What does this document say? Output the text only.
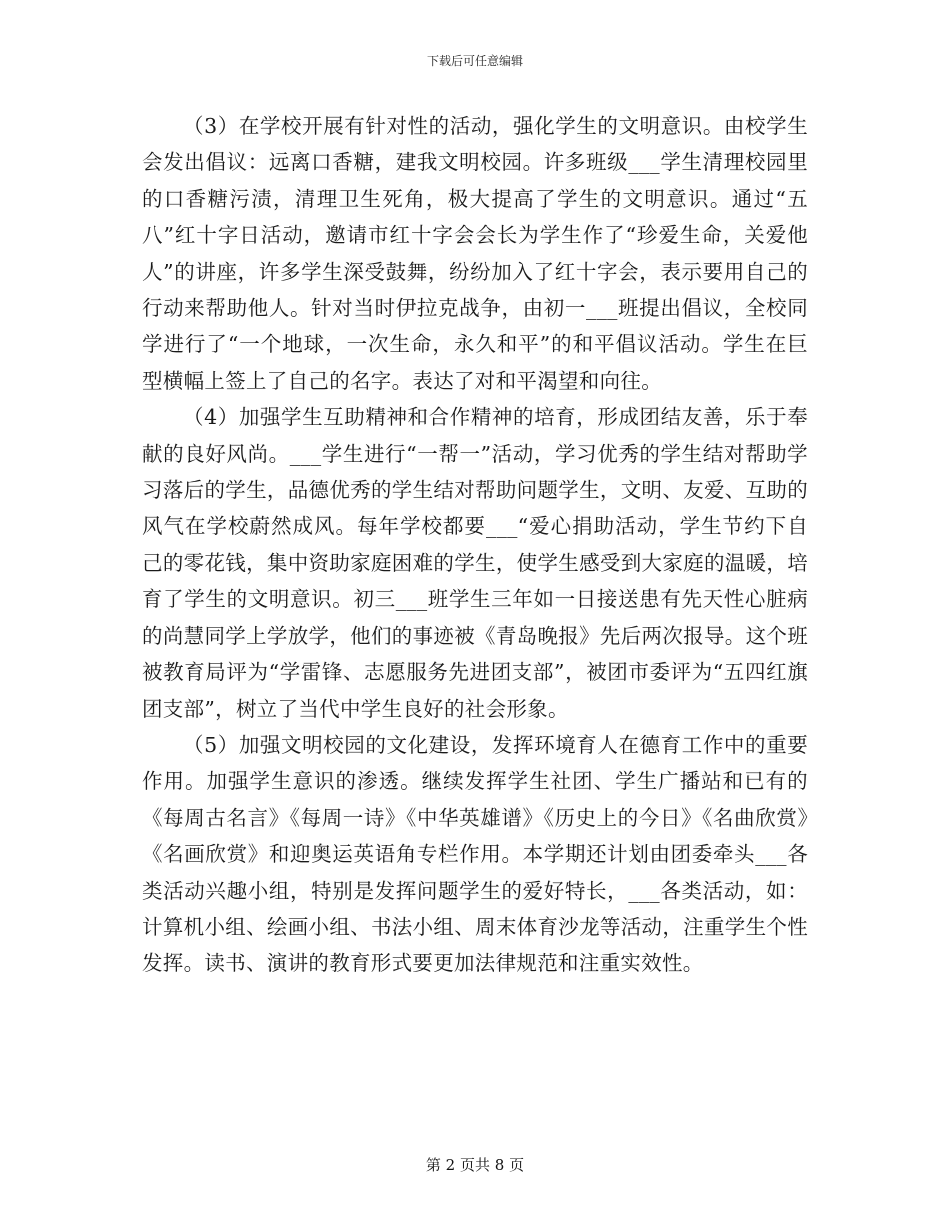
下载后可任意编辑

（3）在学校开展有针对性的活动，强化学生的文明意识。由校学生会发出倡议：远离口香糖，建我文明校园。许多班级___学生清理校园里的口香糖污渍，清理卫生死角，极大提高了学生的文明意识。通过“五八”红十字日活动，邀请市红十字会会长为学生作了“珍爱生命，关爱他人”的讲座，许多学生深受鼓舞，纷纷加入了红十字会，表示要用自己的行动来帮助他人。针对当时伊拉克战争，由初一___班提出倡议，全校同学进行了“一个地球，一次生命，永久和平”的和平倡议活动。学生在巨型横幅上签上了自己的名字。表达了对和平渴望和向往。

（4）加强学生互助精神和合作精神的培育，形成团结友善，乐于奉献的良好风尚。___学生进行“一帮一”活动，学习优秀的学生结对帮助学习落后的学生，品德优秀的学生结对帮助问题学生，文明、友爱、互助的风气在学校蔚然成风。每年学校都要___“爱心捐助活动，学生节约下自己的零花钱，集中资助家庭困难的学生，使学生感受到大家庭的温暖，培育了学生的文明意识。初三___班学生三年如一日接送患有先天性心脏病的尚慧同学上学放学，他们的事迹被《青岛晚报》先后两次报导。这个班被教育局评为“学雷锋、志愿服务先进团支部”，被团市委评为“五四红旗团支部”，树立了当代中学生良好的社会形象。

（5）加强文明校园的文化建设，发挥环境育人在德育工作中的重要作用。加强学生意识的渗透。继续发挥学生社团、学生广播站和已有的《每周古名言》《每周一诗》《中华英雄谱》《历史上的今日》《名曲欣赏》《名画欣赏》和迎奥运英语角专栏作用。本学期还计划由团委牵头___各类活动兴趣小组，特别是发挥问题学生的爱好特长，___各类活动，如：计算机小组、绘画小组、书法小组、周末体育沙龙等活动，注重学生个性发挥。读书、演讲的教育形式要更加法律规范和注重实效性。

第 2 页共 8 页
